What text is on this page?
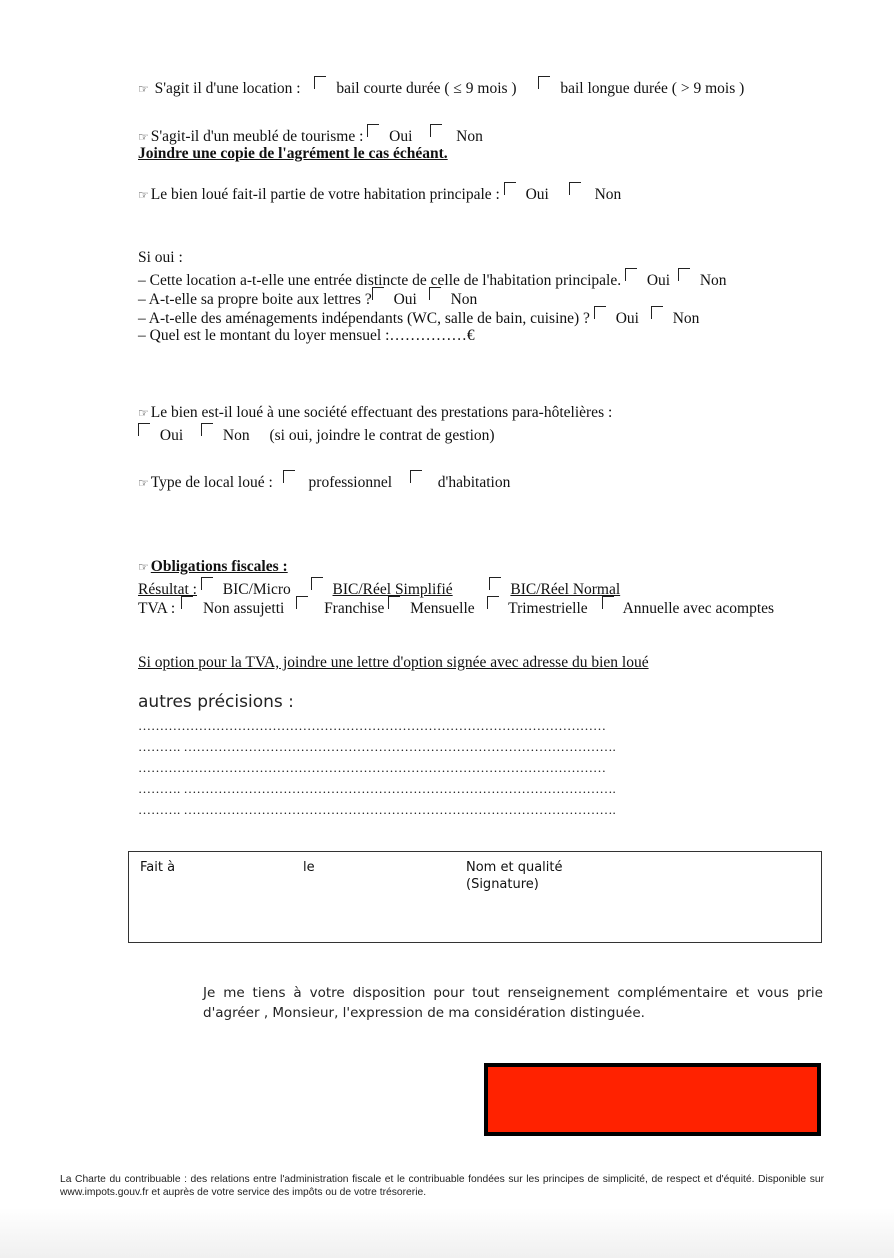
☞ S'agit il d'une location : bail courte durée ( ≤ 9 mois )	bail longue durée ( > 9 mois )
☞ S'agit-il d'un meublé de tourisme : Oui	Non
Joindre une copie de l'agrément le cas échéant.
☞ Le bien loué fait-il partie de votre habitation principale : Oui	Non
Si oui :
– Cette location a-t-elle une entrée distincte de celle de l'habitation principale. Oui Non
– A-t-elle sa propre boite aux lettres ? Oui Non
– A-t-elle des aménagements indépendants (WC, salle de bain, cuisine) ? Oui Non
– Quel est le montant du loyer mensuel :……………€
☞ Le bien est-il loué à une société effectuant des prestations para-hôtelières :
Oui	Non (si oui, joindre le contrat de gestion)
☞ Type de local loué : professionnel	d'habitation
☞ Obligations fiscales :
Résultat : BIC/Micro	BIC/Réel Simplifié	BIC/Réel Normal
TVA : Non assujetti	Franchise Mensuelle Trimestrielle Annuelle avec acomptes
Si option pour la TVA, joindre une lettre d'option signée avec adresse du bien loué
autres précisions :
………………………………………………………………………………………………
………. ……………………………………………………………………………………….
………………………………………………………………………………………………
………. ……………………………………………………………………………………….
………. ……………………………………………………………………………………….
Fait à	le	Nom et qualité
(Signature)
Je me tiens à votre disposition pour tout renseignement complémentaire et vous prie d'agréer , Monsieur, l'expression de ma considération distinguée.
La Charte du contribuable : des relations entre l'administration fiscale et le contribuable fondées sur les principes de simplicité, de respect et d'équité. Disponible sur www.impots.gouv.fr et auprès de votre service des impôts ou de votre trésorerie.
